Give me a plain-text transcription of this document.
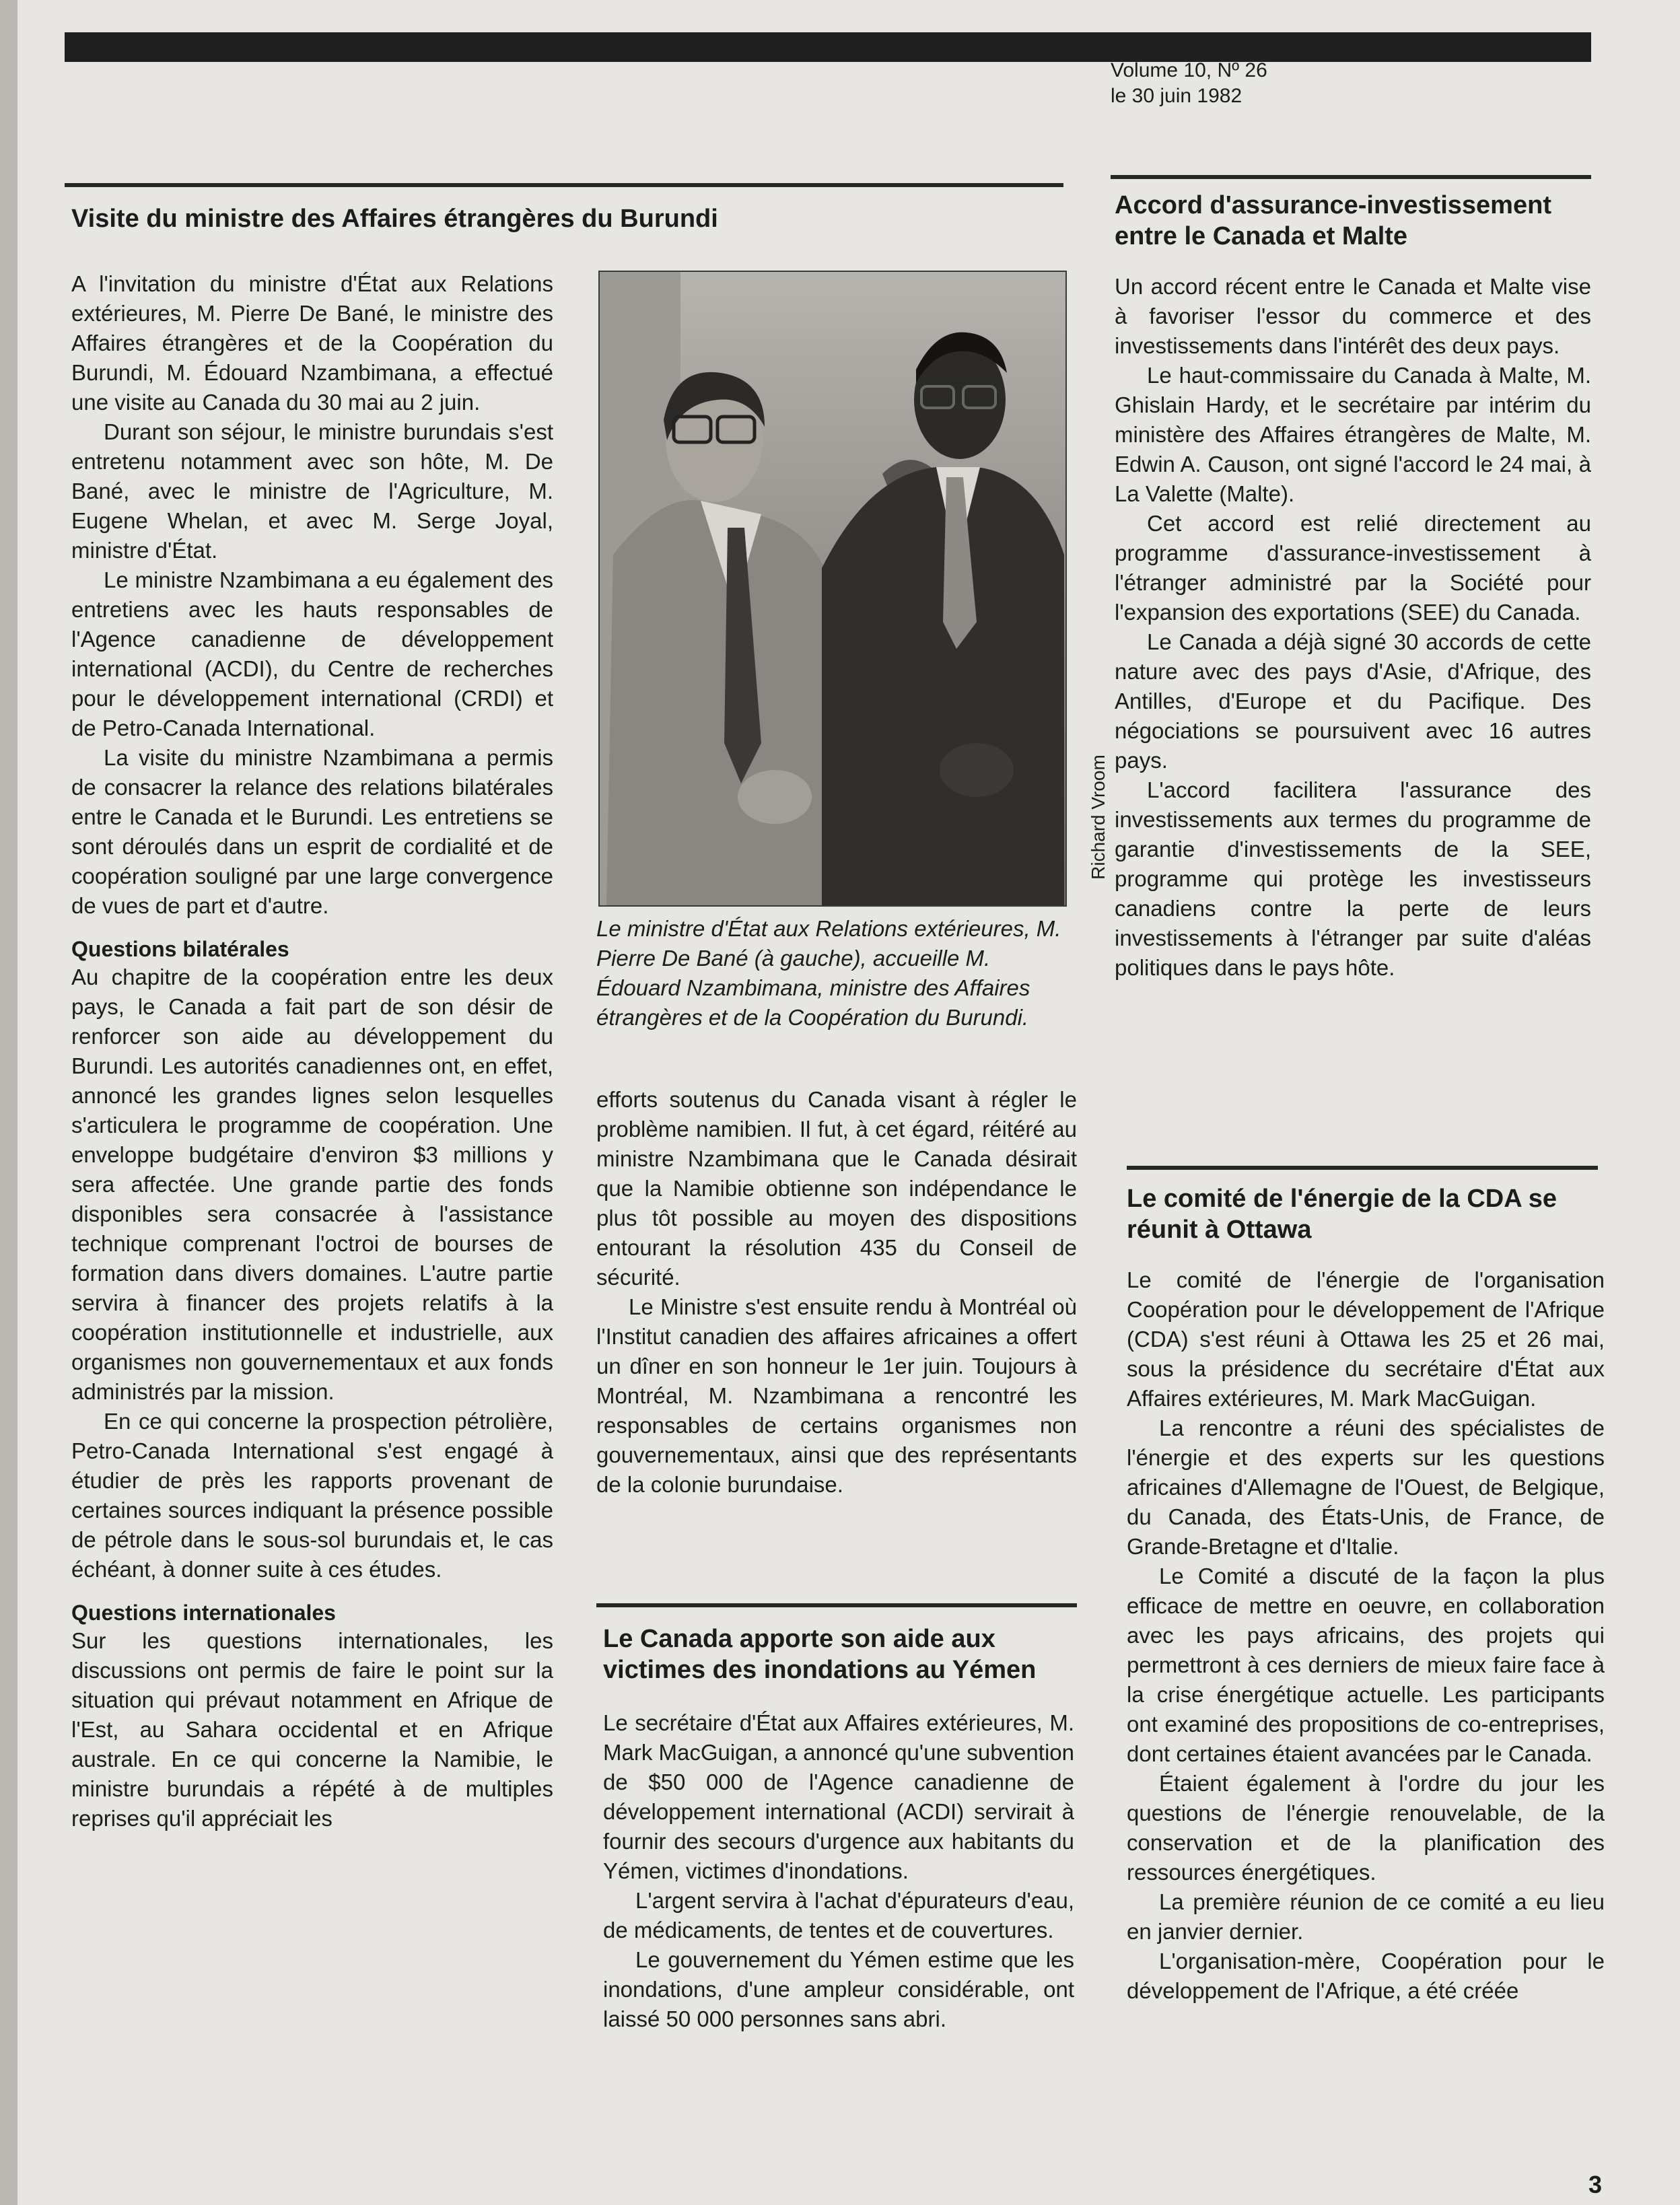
Volume 10, Nº 26
le 30 juin 1982
Visite du ministre des Affaires étrangères du Burundi

A l'invitation du ministre d'État aux Relations extérieures, M. Pierre De Bané, le ministre des Affaires étrangères et de la Coopération du Burundi, M. Édouard Nzambimana, a effectué une visite au Canada du 30 mai au 2 juin.

Durant son séjour, le ministre burundais s'est entretenu notamment avec son hôte, M. De Bané, avec le ministre de l'Agriculture, M. Eugene Whelan, et avec M. Serge Joyal, ministre d'État.

Le ministre Nzambimana a eu également des entretiens avec les hauts responsables de l'Agence canadienne de développement international (ACDI), du Centre de recherches pour le développement international (CRDI) et de Petro-Canada International.

La visite du ministre Nzambimana a permis de consacrer la relance des relations bilatérales entre le Canada et le Burundi. Les entretiens se sont déroulés dans un esprit de cordialité et de coopération souligné par une large convergence de vues de part et d'autre.

Questions bilatérales

Au chapitre de la coopération entre les deux pays, le Canada a fait part de son désir de renforcer son aide au développement du Burundi. Les autorités canadiennes ont, en effet, annoncé les grandes lignes selon lesquelles s'articulera le programme de coopération. Une enveloppe budgétaire d'environ $3 millions y sera affectée. Une grande partie des fonds disponibles sera consacrée à l'assistance technique comprenant l'octroi de bourses de formation dans divers domaines. L'autre partie servira à financer des projets relatifs à la coopération institutionnelle et industrielle, aux organismes non gouvernementaux et aux fonds administrés par la mission.

En ce qui concerne la prospection pétrolière, Petro-Canada International s'est engagé à étudier de près les rapports provenant de certaines sources indiquant la présence possible de pétrole dans le sous-sol burundais et, le cas échéant, à donner suite à ces études.

Questions internationales

Sur les questions internationales, les discussions ont permis de faire le point sur la situation qui prévaut notamment en Afrique de l'Est, au Sahara occidental et en Afrique australe. En ce qui concerne la Namibie, le ministre burundais a répété à de multiples reprises qu'il appréciait les

Richard Vroom
Le ministre d'État aux Relations extérieures, M. Pierre De Bané (à gauche), accueille M. Édouard Nzambimana, ministre des Affaires étrangères et de la Coopération du Burundi.

efforts soutenus du Canada visant à régler le problème namibien. Il fut, à cet égard, réitéré au ministre Nzambimana que le Canada désirait que la Namibie obtienne son indépendance le plus tôt possible au moyen des dispositions entourant la résolution 435 du Conseil de sécurité.

Le Ministre s'est ensuite rendu à Montréal où l'Institut canadien des affaires africaines a offert un dîner en son honneur le 1er juin. Toujours à Montréal, M. Nzambimana a rencontré les responsables de certains organismes non gouvernementaux, ainsi que des représentants de la colonie burundaise.

Le Canada apporte son aide aux victimes des inondations au Yémen

Le secrétaire d'État aux Affaires extérieures, M. Mark MacGuigan, a annoncé qu'une subvention de $50 000 de l'Agence canadienne de développement international (ACDI) servirait à fournir des secours d'urgence aux habitants du Yémen, victimes d'inondations.

L'argent servira à l'achat d'épurateurs d'eau, de médicaments, de tentes et de couvertures.

Le gouvernement du Yémen estime que les inondations, d'une ampleur considérable, ont laissé 50 000 personnes sans abri.

Accord d'assurance-investissement entre le Canada et Malte

Un accord récent entre le Canada et Malte vise à favoriser l'essor du commerce et des investissements dans l'intérêt des deux pays.

Le haut-commissaire du Canada à Malte, M. Ghislain Hardy, et le secrétaire par intérim du ministère des Affaires étrangères de Malte, M. Edwin A. Causon, ont signé l'accord le 24 mai, à La Valette (Malte).

Cet accord est relié directement au programme d'assurance-investissement à l'étranger administré par la Société pour l'expansion des exportations (SEE) du Canada.

Le Canada a déjà signé 30 accords de cette nature avec des pays d'Asie, d'Afrique, des Antilles, d'Europe et du Pacifique. Des négociations se poursuivent avec 16 autres pays.

L'accord facilitera l'assurance des investissements aux termes du programme de garantie d'investissements de la SEE, programme qui protège les investisseurs canadiens contre la perte de leurs investissements à l'étranger par suite d'aléas politiques dans le pays hôte.

Le comité de l'énergie de la CDA se réunit à Ottawa

Le comité de l'énergie de l'organisation Coopération pour le développement de l'Afrique (CDA) s'est réuni à Ottawa les 25 et 26 mai, sous la présidence du secrétaire d'État aux Affaires extérieures, M. Mark MacGuigan.

La rencontre a réuni des spécialistes de l'énergie et des experts sur les questions africaines d'Allemagne de l'Ouest, de Belgique, du Canada, des États-Unis, de France, de Grande-Bretagne et d'Italie.

Le Comité a discuté de la façon la plus efficace de mettre en oeuvre, en collaboration avec les pays africains, des projets qui permettront à ces derniers de mieux faire face à la crise énergétique actuelle. Les participants ont examiné des propositions de co-entreprises, dont certaines étaient avancées par le Canada.

Étaient également à l'ordre du jour les questions de l'énergie renouvelable, de la conservation et de la planification des ressources énergétiques.

La première réunion de ce comité a eu lieu en janvier dernier.

L'organisation-mère, Coopération pour le développement de l'Afrique, a été créée

3
